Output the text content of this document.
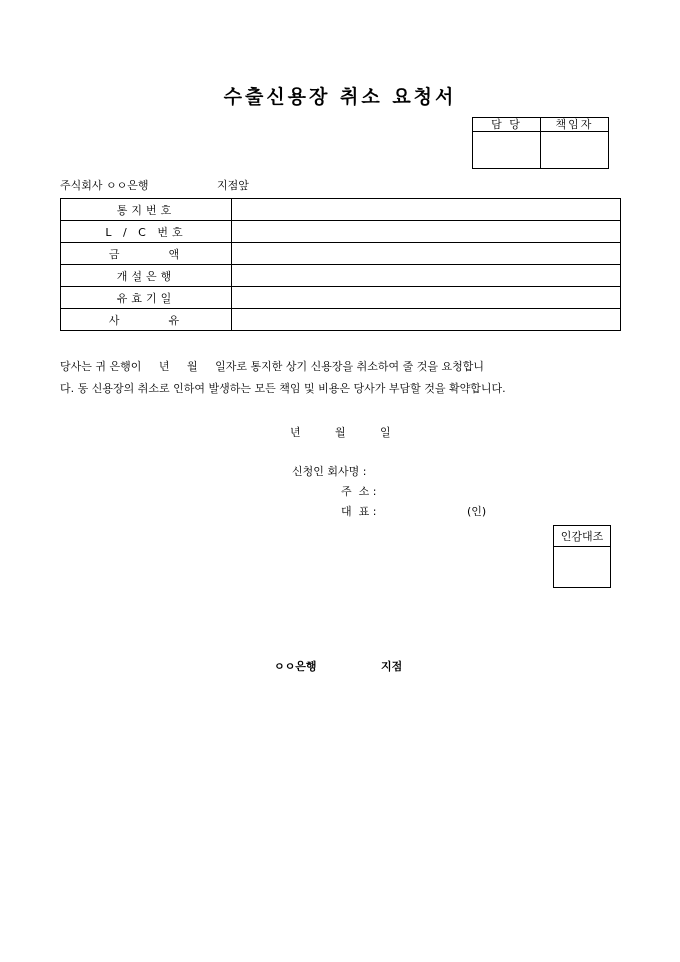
수출신용장 취소 요청서
담 당	책임자

주식회사 ㅇㅇ은행	지점앞
통지번호	
L / C 번호	
금      액	
개설은행	
유효기일	
사      유	

당사는 귀 은행이     년     월     일자로 통지한 상기 신용장을 취소하여 줄 것을 요청합니

다. 동 신용장의 취소로 인하여 발생하는 모든 책임 및 비용은 당사가 부담할 것을 확약합니다.

년	월	일
신청인 회사명 :
주  소 :
대  표 :	(인)
인감대조

ㅇㅇ은행	지점
